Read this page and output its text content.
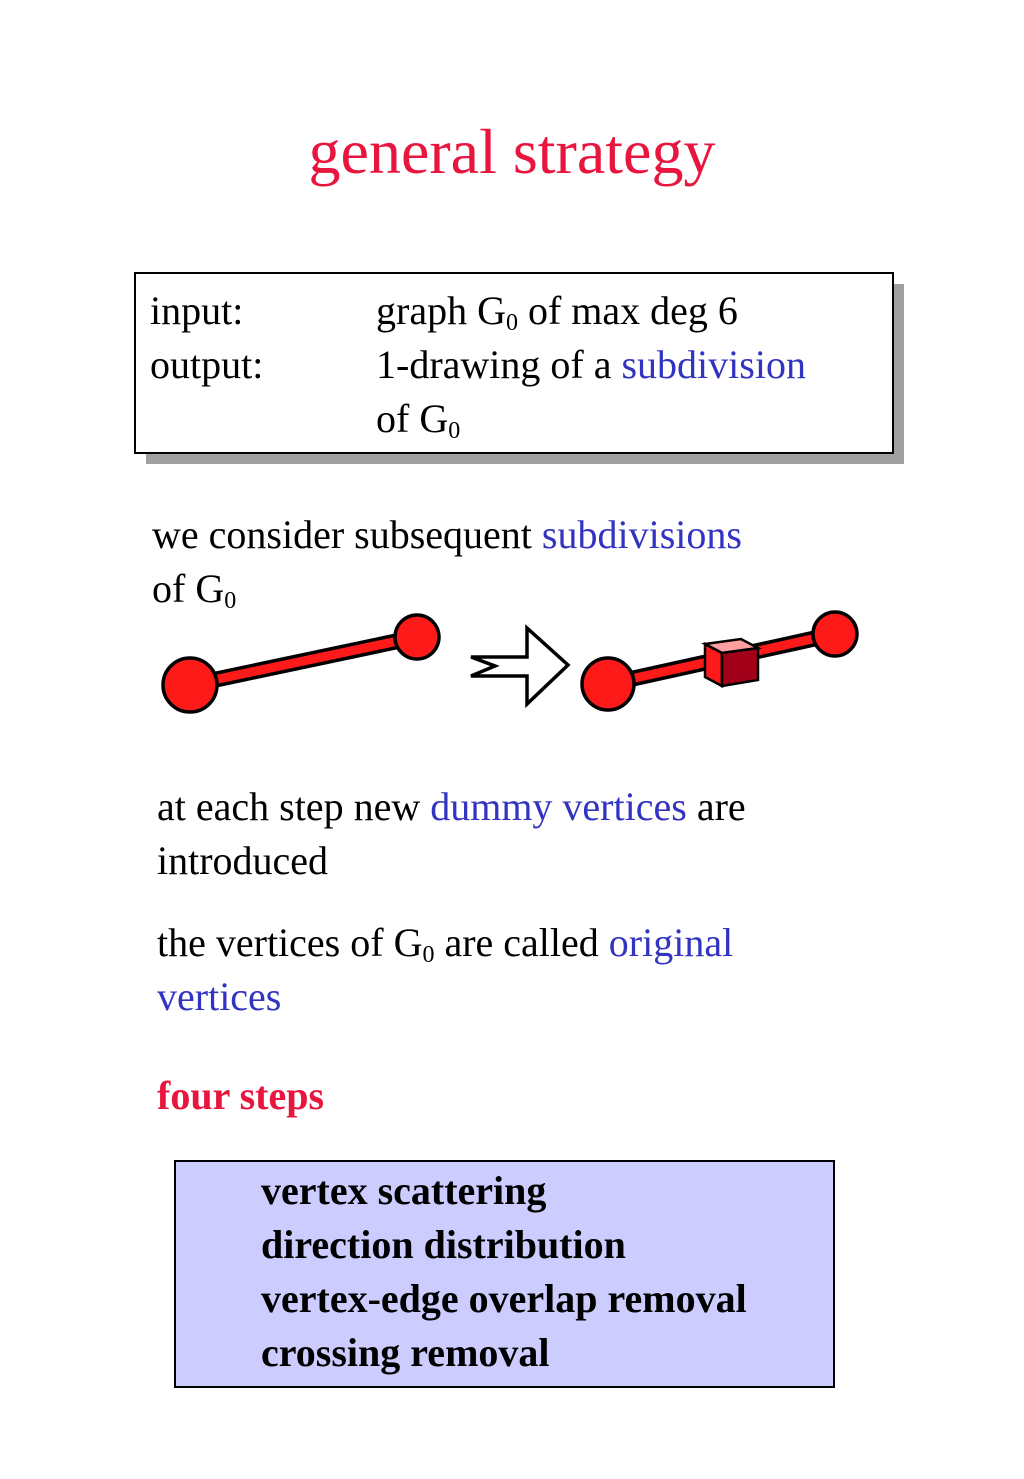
general strategy
input:	graph $G_0$ of max deg 6
output:	1-drawing of a subdivision
of $G_0$
we consider subsequent subdivisions
of $G_0$
at each step new dummy vertices are
introduced
the vertices of $G_0$ are called original
vertices
four steps
vertex scattering
direction distribution
vertex-edge overlap removal
crossing removal
